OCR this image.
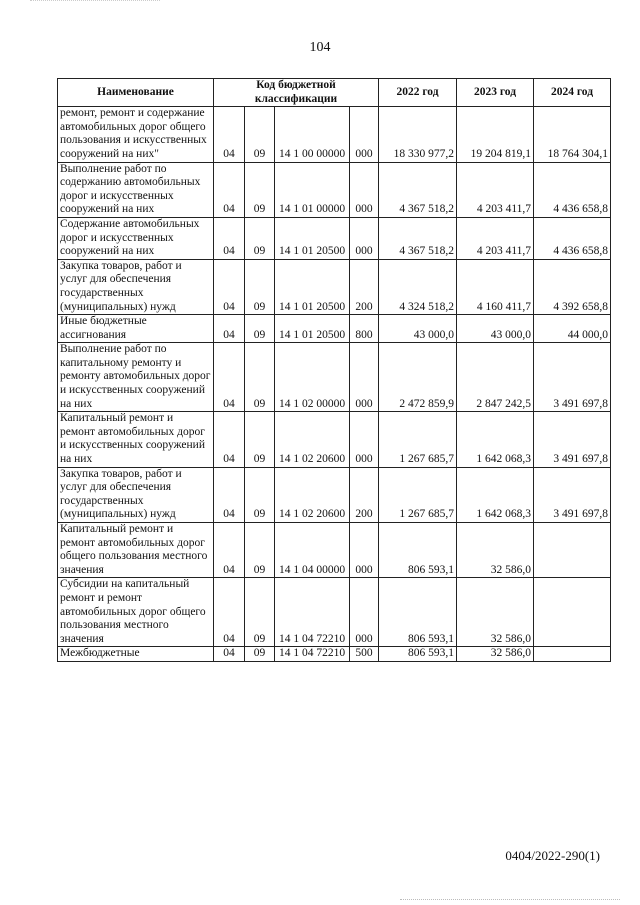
104
Наименование	Код бюджетной классификации				2022 год	2023 год	2024 год
ремонт, ремонт и содержание автомобильных дорог общего пользования и искусственных сооружений на них"	04	09	14 1 00 00000	000	18 330 977,2	19 204 819,1	18 764 304,1
Выполнение работ по содержанию автомобильных дорог и искусственных сооружений на них	04	09	14 1 01 00000	000	4 367 518,2	4 203 411,7	4 436 658,8
Содержание автомобильных дорог и искусственных сооружений на них	04	09	14 1 01 20500	000	4 367 518,2	4 203 411,7	4 436 658,8
Закупка товаров, работ и услуг для обеспечения государственных (муниципальных) нужд	04	09	14 1 01 20500	200	4 324 518,2	4 160 411,7	4 392 658,8
Иные бюджетные ассигнования	04	09	14 1 01 20500	800	43 000,0	43 000,0	44 000,0
Выполнение работ по капитальному ремонту и ремонту автомобильных дорог и искусственных сооружений на них	04	09	14 1 02 00000	000	2 472 859,9	2 847 242,5	3 491 697,8
Капитальный ремонт и ремонт автомобильных дорог и искусственных сооружений на них	04	09	14 1 02 20600	000	1 267 685,7	1 642 068,3	3 491 697,8
Закупка товаров, работ и услуг для обеспечения государственных (муниципальных) нужд	04	09	14 1 02 20600	200	1 267 685,7	1 642 068,3	3 491 697,8
Капитальный ремонт и ремонт автомобильных дорог общего пользования местного значения	04	09	14 1 04 00000	000	806 593,1	32 586,0	
Субсидии на капитальный ремонт и ремонт автомобильных дорог общего пользования местного значения	04	09	14 1 04 72210	000	806 593,1	32 586,0	
Межбюджетные	04	09	14 1 04 72210	500	806 593,1	32 586,0	
0404/2022-290(1)
